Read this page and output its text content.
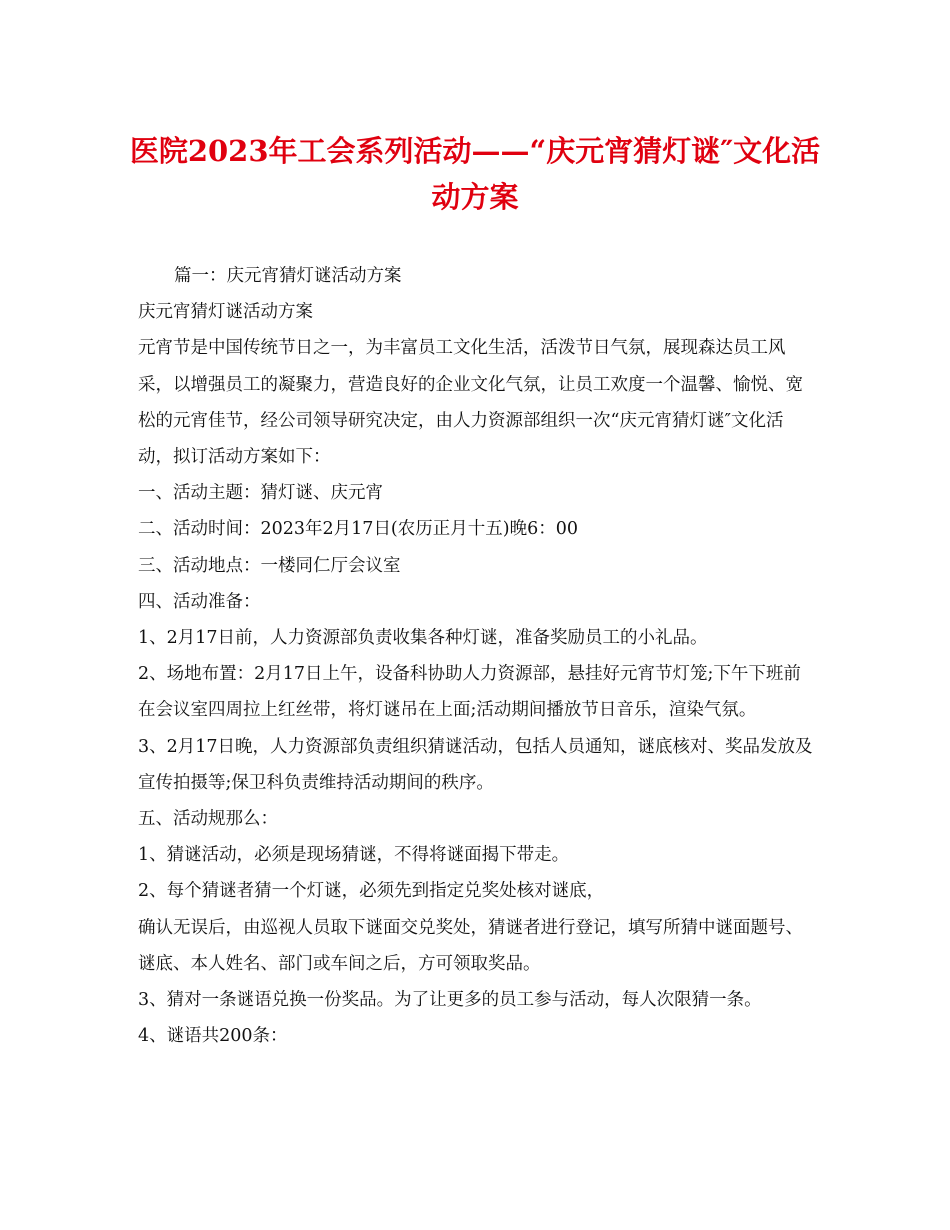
医院2023年工会系列活动——“庆元宵猜灯谜″文化活动方案

篇一：庆元宵猜灯谜活动方案

庆元宵猜灯谜活动方案

元宵节是中国传统节日之一，为丰富员工文化生活，活泼节日气氛，展现森达员工风采，以增强员工的凝聚力，营造良好的企业文化气氛，让员工欢度一个温馨、愉悦、宽松的元宵佳节，经公司领导研究决定，由人力资源部组织一次“庆元宵猜灯谜″文化活动，拟订活动方案如下：

一、活动主题：猜灯谜、庆元宵

二、活动时间：2023年2月17日(农历正月十五)晚6：00

三、活动地点：一楼同仁厅会议室

四、活动准备：

1、2月17日前，人力资源部负责收集各种灯谜，准备奖励员工的小礼品。

2、场地布置：2月17日上午，设备科协助人力资源部，悬挂好元宵节灯笼;下午下班前在会议室四周拉上红丝带，将灯谜吊在上面;活动期间播放节日音乐，渲染气氛。

3、2月17日晚，人力资源部负责组织猜谜活动，包括人员通知，谜底核对、奖品发放及宣传拍摄等;保卫科负责维持活动期间的秩序。

五、活动规那么：

1、猜谜活动，必须是现场猜谜，不得将谜面揭下带走。

2、每个猜谜者猜一个灯谜，必须先到指定兑奖处核对谜底，

确认无误后，由巡视人员取下谜面交兑奖处，猜谜者进行登记，填写所猜中谜面题号、谜底、本人姓名、部门或车间之后，方可领取奖品。

3、猜对一条谜语兑换一份奖品。为了让更多的员工参与活动，每人次限猜一条。

4、谜语共200条：
